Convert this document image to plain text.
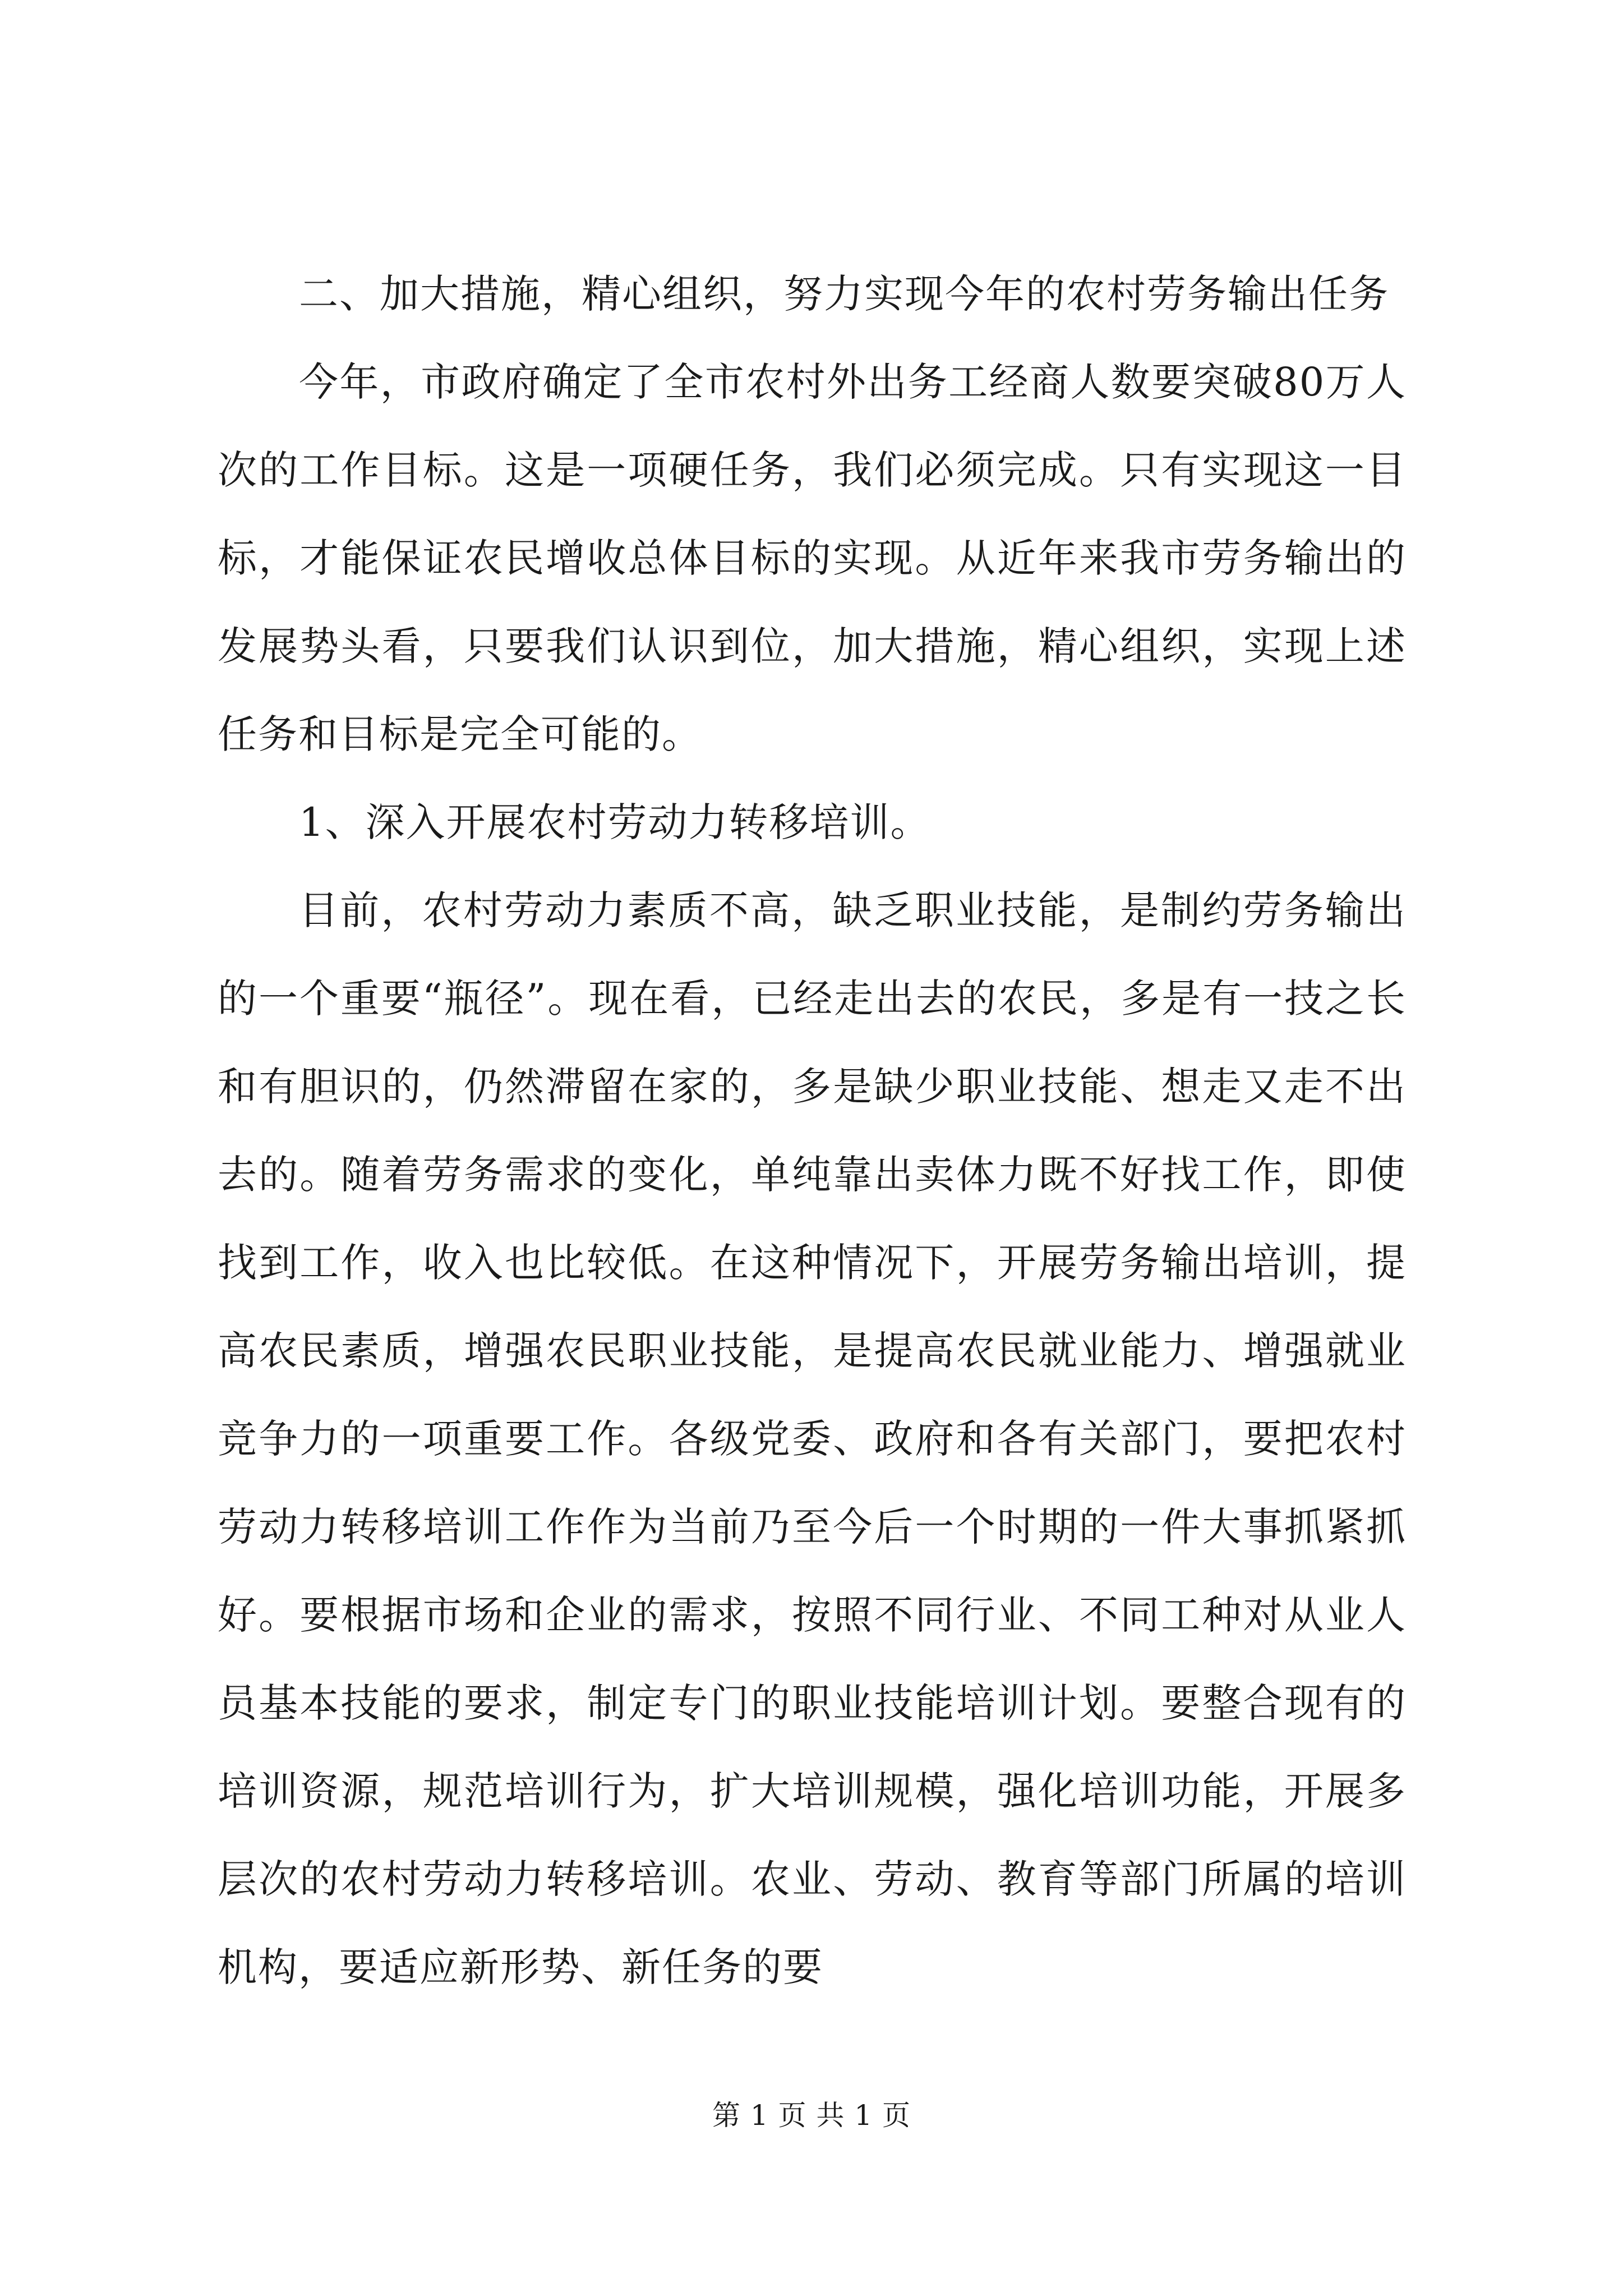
二、加大措施，精心组织，努力实现今年的农村劳务输出任务

今年，市政府确定了全市农村外出务工经商人数要突破80万人次的工作目标。这是一项硬任务，我们必须完成。只有实现这一目标，才能保证农民增收总体目标的实现。从近年来我市劳务输出的发展势头看，只要我们认识到位，加大措施，精心组织，实现上述任务和目标是完全可能的。

1、深入开展农村劳动力转移培训。

目前，农村劳动力素质不高，缺乏职业技能，是制约劳务输出的一个重要“瓶径”。现在看，已经走出去的农民，多是有一技之长和有胆识的，仍然滞留在家的，多是缺少职业技能、想走又走不出去的。随着劳务需求的变化，单纯靠出卖体力既不好找工作，即使找到工作，收入也比较低。在这种情况下，开展劳务输出培训，提高农民素质，增强农民职业技能，是提高农民就业能力、增强就业竞争力的一项重要工作。各级党委、政府和各有关部门，要把农村劳动力转移培训工作作为当前乃至今后一个时期的一件大事抓紧抓好。要根据市场和企业的需求，按照不同行业、不同工种对从业人员基本技能的要求，制定专门的职业技能培训计划。要整合现有的培训资源，规范培训行为，扩大培训规模，强化培训功能，开展多层次的农村劳动力转移培训。农业、劳动、教育等部门所属的培训机构，要适应新形势、新任务的要

第 1 页 共 1 页
